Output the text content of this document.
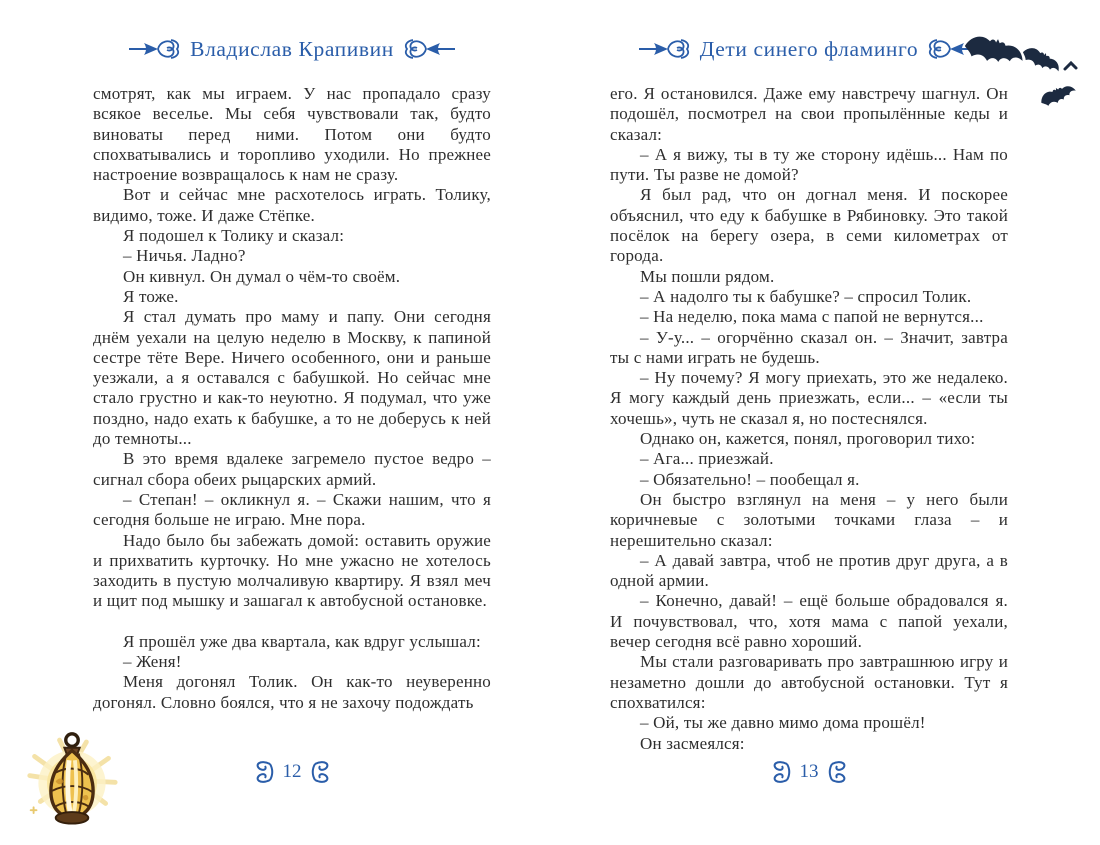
Владислав Крапивин

смотрят, как мы играем. У нас пропадало сразу всякое веселье. Мы себя чувствовали так, будто виноваты перед ними. Потом они будто спохватывались и торопливо уходили. Но прежнее настроение возвращалось к нам не сразу.

Вот и сейчас мне расхотелось играть. Толику, видимо, тоже. И даже Стёпке.

Я подошел к Толику и сказал:

– Ничья. Ладно?

Он кивнул. Он думал о чём-то своём.

Я тоже.

Я стал думать про маму и папу. Они сегодня днём уехали на целую неделю в Москву, к папиной сестре тёте Вере. Ничего особенного, они и раньше уезжали, а я оставался с бабушкой. Но сейчас мне стало грустно и как-то неуютно. Я подумал, что уже поздно, надо ехать к бабушке, а то не доберусь к ней до темноты...

В это время вдалеке загремело пустое ведро – сигнал сбора обеих рыцарских армий.

– Степан! – окликнул я. – Скажи нашим, что я сегодня больше не играю. Мне пора.

Надо было бы забежать домой: оставить оружие и прихватить курточку. Но мне ужасно не хотелось заходить в пустую молчаливую квартиру. Я взял меч и щит под мышку и зашагал к автобусной остановке.

Я прошёл уже два квартала, как вдруг услышал:

– Женя!

Меня догонял Толик. Он как-то неуверенно догонял. Словно боялся, что я не захочу подождать

12
Дети синего фламинго

его. Я остановился. Даже ему навстречу шагнул. Он подошёл, посмотрел на свои пропылённые кеды и сказал:

– А я вижу, ты в ту же сторону идёшь... Нам по пути. Ты разве не домой?

Я был рад, что он догнал меня. И поскорее объяснил, что еду к бабушке в Рябиновку. Это такой посёлок на берегу озера, в семи километрах от города.

Мы пошли рядом.

– А надолго ты к бабушке? – спросил Толик.

– На неделю, пока мама с папой не вернутся...

– У-у... – огорчённо сказал он. – Значит, завтра ты с нами играть не будешь.

– Ну почему? Я могу приехать, это же недалеко. Я могу каждый день приезжать, если... – «если ты хочешь», чуть не сказал я, но постеснялся.

Однако он, кажется, понял, проговорил тихо:

– Ага... приезжай.

– Обязательно! – пообещал я.

Он быстро взглянул на меня – у него были коричневые с золотыми точками глаза – и нерешительно сказал:

– А давай завтра, чтоб не против друг друга, а в одной армии.

– Конечно, давай! – ещё больше обрадовался я. И почувствовал, что, хотя мама с папой уехали, вечер сегодня всё равно хороший.

Мы стали разговаривать про завтрашнюю игру и незаметно дошли до автобусной остановки. Тут я спохватился:

– Ой, ты же давно мимо дома прошёл!

Он засмеялся:

13
